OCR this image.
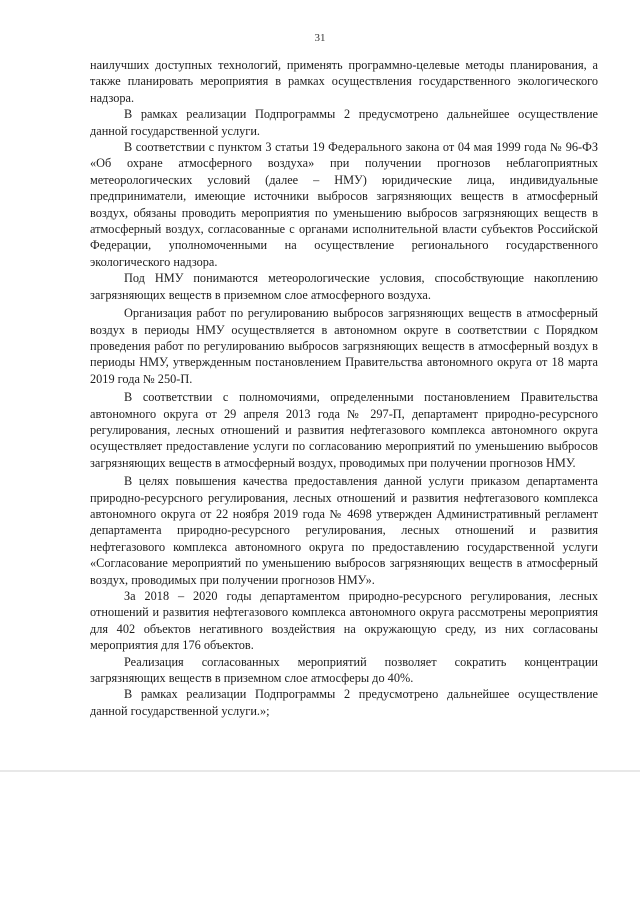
31

наилучших доступных технологий, применять программно-целевые методы планирования, а также планировать мероприятия в рамках осуществления государственного экологического надзора.

В рамках реализации Подпрограммы 2 предусмотрено дальнейшее осуществление данной государственной услуги.

В соответствии с пунктом 3 статьи 19 Федерального закона от 04 мая 1999 года № 96-ФЗ «Об охране атмосферного воздуха» при получении прогнозов неблагоприятных метеорологических условий (далее – НМУ) юридические лица, индивидуальные предприниматели, имеющие источники выбросов загрязняющих веществ в атмосферный воздух, обязаны проводить мероприятия по уменьшению выбросов загрязняющих веществ в атмосферный воздух, согласованные с органами исполнительной власти субъектов Российской Федерации, уполномоченными на осуществление регионального государственного экологического надзора.

Под НМУ понимаются метеорологические условия, способствующие накоплению загрязняющих веществ в приземном слое атмосферного воздуха.

Организация работ по регулированию выбросов загрязняющих веществ в атмосферный воздух в периоды НМУ осуществляется в автономном округе в соответствии с Порядком проведения работ по регулированию выбросов загрязняющих веществ в атмосферный воздух в периоды НМУ, утвержденным постановлением Правительства автономного округа от 18 марта 2019 года № 250-П.

В соответствии с полномочиями, определенными постановлением Правительства автономного округа от 29 апреля 2013 года № 297-П, департамент природно-ресурсного регулирования, лесных отношений и развития нефтегазового комплекса автономного округа осуществляет предоставление услуги по согласованию мероприятий по уменьшению выбросов загрязняющих веществ в атмосферный воздух, проводимых при получении прогнозов НМУ.

В целях повышения качества предоставления данной услуги приказом департамента природно-ресурсного регулирования, лесных отношений и развития нефтегазового комплекса автономного округа от 22 ноября 2019 года № 4698 утвержден Административный регламент департамента природно-ресурсного регулирования, лесных отношений и развития нефтегазового комплекса автономного округа по предоставлению государственной услуги «Согласование мероприятий по уменьшению выбросов загрязняющих веществ в атмосферный воздух, проводимых при получении прогнозов НМУ».

За 2018 – 2020 годы департаментом природно-ресурсного регулирования, лесных отношений и развития нефтегазового комплекса автономного округа рассмотрены мероприятия для 402 объектов негативного воздействия на окружающую среду, из них согласованы мероприятия для 176 объектов.

Реализация согласованных мероприятий позволяет сократить концентрации загрязняющих веществ в приземном слое атмосферы до 40%.

В рамках реализации Подпрограммы 2 предусмотрено дальнейшее осуществление данной государственной услуги.»;
